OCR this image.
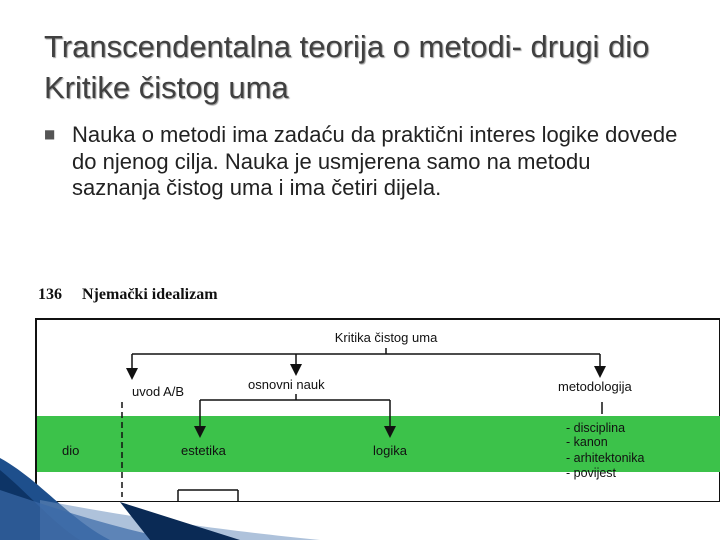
Transcendentalna teorija o metodi- drugi dio Kritike čistog uma
■ Nauka o metodi ima zadaću da praktični interes logike dovede do njenog cilja. Nauka je usmjerena samo na metodu saznanja čistog uma i ima četiri dijela.
136 Njemački idealizam
Kritika čistog uma
uvod A/B	osnovni nauk	metodologija
dio	estetika	logika
- disciplina
- kanon
- arhitektonika
- povijest
